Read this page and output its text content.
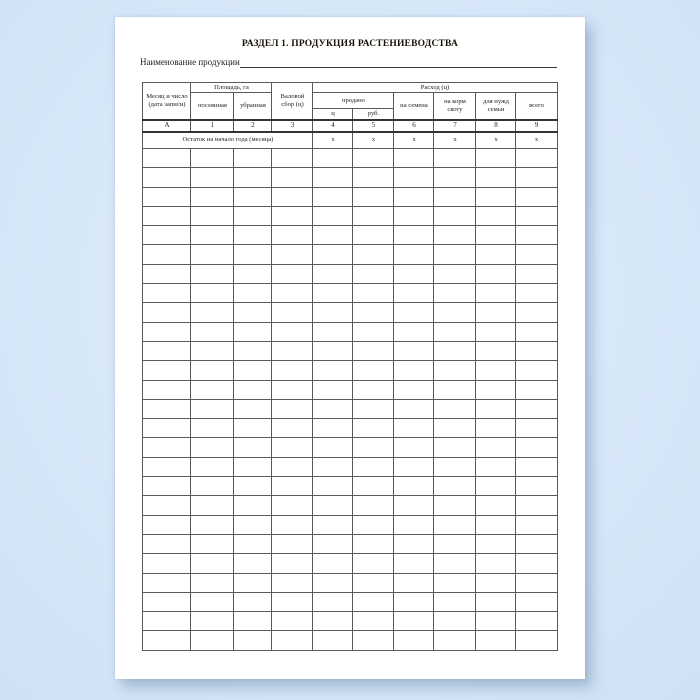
РАЗДЕЛ 1. ПРОДУКЦИЯ РАСТЕНИЕВОДСТВА
Наименование продукции
Месяц и число (дата записи)	Площадь, га		Валовой сбор (ц)	Расход (ц)					
	посеянная	убранная		продано		на семена	на корм скоту	для нужд семьи	всего
				ц	руб.				
А	1	2	3	4	5	6	7	8	9
Остаток на начало года (месяца)				х	х	х	х	х	х
